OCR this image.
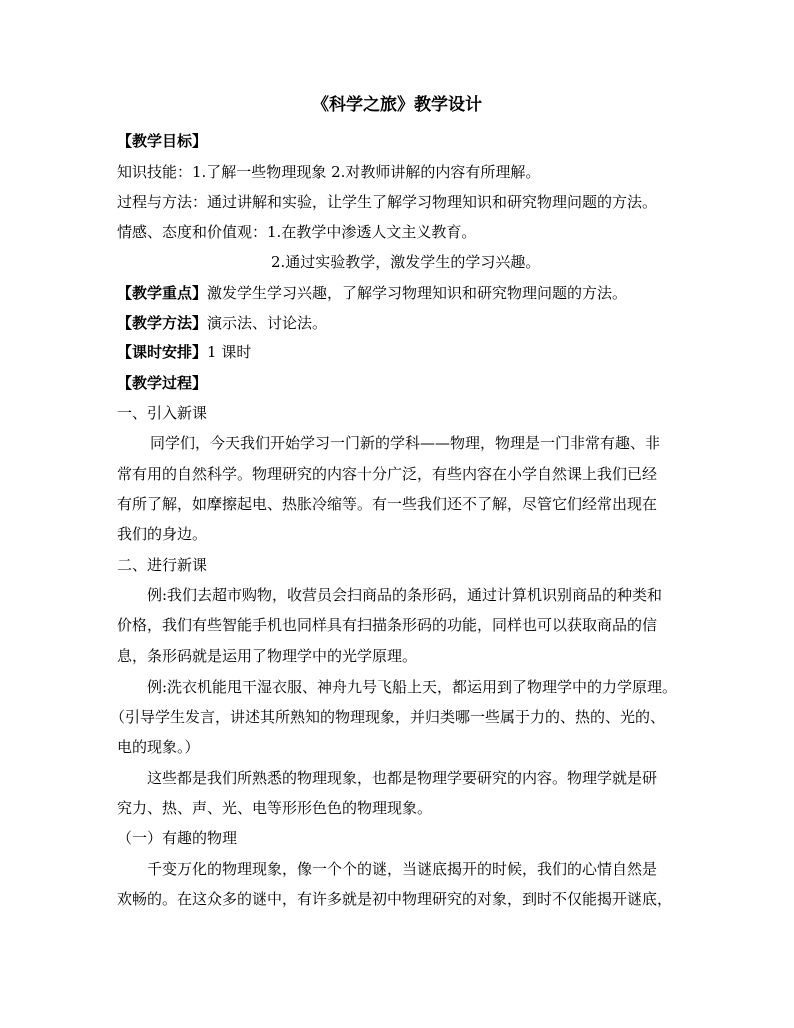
《科学之旅》教学设计
【教学目标】
知识技能：1.了解一些物理现象 2.对教师讲解的内容有所理解。
过程与方法：通过讲解和实验，让学生了解学习物理知识和研究物理问题的方法。
情感、态度和价值观：1.在教学中渗透人文主义教育。
2.通过实验教学，激发学生的学习兴趣。
【教学重点】激发学生学习兴趣，了解学习物理知识和研究物理问题的方法。
【教学方法】演示法、讨论法。
【课时安排】1 课时
【教学过程】
一、引入新课
同学们，今天我们开始学习一门新的学科——物理，物理是一门非常有趣、非
常有用的自然科学。物理研究的内容十分广泛，有些内容在小学自然课上我们已经
有所了解，如摩擦起电、热胀冷缩等。有一些我们还不了解，尽管它们经常出现在
我们的身边。
二、进行新课
例:我们去超市购物，收营员会扫商品的条形码，通过计算机识别商品的种类和
价格，我们有些智能手机也同样具有扫描条形码的功能，同样也可以获取商品的信
息，条形码就是运用了物理学中的光学原理。
例:洗衣机能甩干湿衣服、神舟九号飞船上天，都运用到了物理学中的力学原理。
（引导学生发言，讲述其所熟知的物理现象，并归类哪一些属于力的、热的、光的、
电的现象。）
这些都是我们所熟悉的物理现象，也都是物理学要研究的内容。物理学就是研
究力、热、声、光、电等形形色色的物理现象。
（一）有趣的物理
千变万化的物理现象，像一个个的谜，当谜底揭开的时候，我们的心情自然是
欢畅的。在这众多的谜中，有许多就是初中物理研究的对象，到时不仅能揭开谜底，
